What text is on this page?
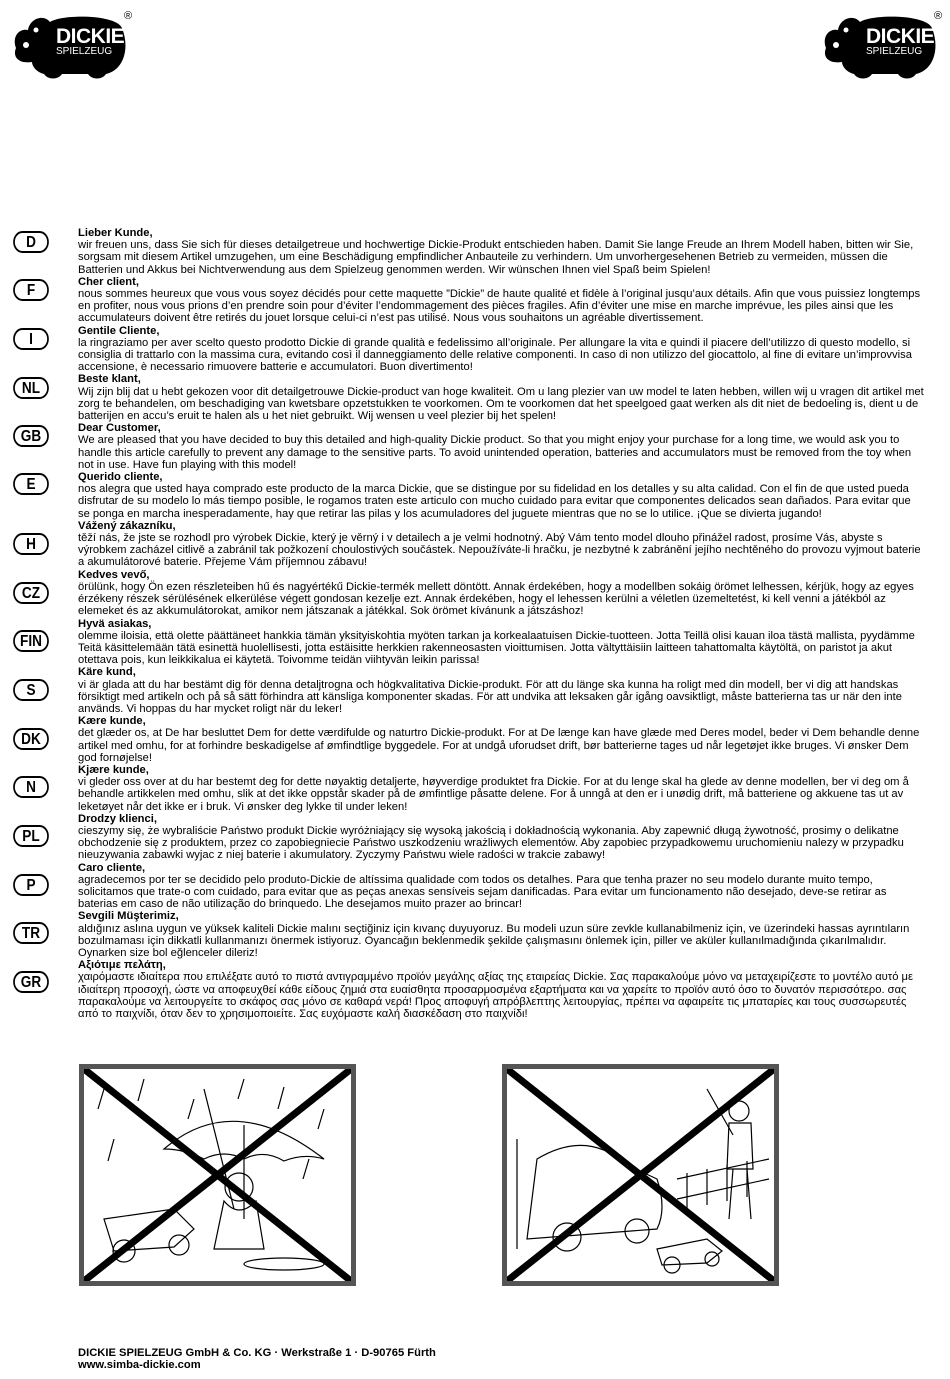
DICKIE
SPIELZEUG
®
DICKIE
SPIELZEUG
®
D
F
I
NL
GB
E
H
CZ
FIN
S
DK
N
PL
P
TR
GR
Lieber Kunde,
wir freuen uns, dass Sie sich für dieses detailgetreue und hochwertige Dickie-Produkt entschieden haben. Damit Sie lange Freude an Ihrem Modell haben, bitten wir Sie, sorgsam mit diesem Artikel umzugehen, um eine Beschädigung empfindlicher Anbauteile zu verhindern. Um unvorhergesehenen Betrieb zu vermeiden, müssen die Batterien und Akkus bei Nichtverwendung aus dem Spielzeug genommen werden. Wir wünschen Ihnen viel Spaß beim Spielen!
Cher client,
nous sommes heureux que vous vous soyez décidés pour cette maquette ”Dickie” de haute qualité et fidèle à l’original jusqu’aux détails. Afin que vous puissiez longtemps en profiter, nous vous prions d’en prendre soin pour d’éviter l’endommagement des pièces fragiles. Afin d’éviter une mise en marche imprévue, les piles ainsi que les accumulateurs doivent être retirés du jouet lorsque celui-ci n’est pas utilisé. Nous vous souhaitons un agréable divertissement.
Gentile Cliente,
la ringraziamo per aver scelto questo prodotto Dickie di grande qualità e fedelissimo all’originale. Per allungare la vita e quindi il piacere dell’utilizzo di questo modello, si consiglia di trattarlo con la massima cura, evitando così il danneggiamento delle relative componenti. In caso di non utilizzo del giocattolo, al fine di evitare un’improvvisa accensione, è necessario rimuovere batterie e accumulatori. Buon divertimento!
Beste klant,
Wij zijn blij dat u hebt gekozen voor dit detailgetrouwe Dickie-product van hoge kwaliteit. Om u lang plezier van uw model te laten hebben, willen wij u vragen dit artikel met zorg te behandelen, om beschadiging van kwetsbare opzetstukken te voorkomen. Om te voorkomen dat het speelgoed gaat werken als dit niet de bedoeling is, dient u de batterijen en accu’s eruit te halen als u het niet gebruikt. Wij wensen u veel plezier bij het spelen!
Dear Customer,
We are pleased that you have decided to buy this detailed and high-quality Dickie product. So that you might enjoy your purchase for a long time, we would ask you to handle this article carefully to prevent any damage to the sensitive parts. To avoid unintended operation, batteries and accumulators must be removed from the toy when not in use. Have fun playing with this model!
Querido cliente,
nos alegra que usted haya comprado este producto de la marca Dickie, que se distingue por su fidelidad en los detalles y su alta calidad. Con el fin de que usted pueda disfrutar de su modelo lo más tiempo posible, le rogamos traten este articulo con mucho cuidado para evitar que componentes delicados sean dañados. Para evitar que se ponga en marcha inesperadamente, hay que retirar las pilas y los acumuladores del juguete mientras que no se lo utilice. ¡Que se divierta jugando!
Vážený zákazníku,
těží nás, že jste se rozhodl pro výrobek Dickie, který je věrný i v detailech a je velmi hodnotný. Abý Vám tento model dlouho přinážel radost, prosíme Vás, abyste s výrobkem zacházel citlivě a zabránil tak požkození choulostivých součástek. Nepoužíváte-li hračku, je nezbytné k zabránění jejího nechtěného do provozu vyjmout baterie a akumulátorové baterie. Přejeme Vám příjemnou zábavu!
Kedves vevő,
örülünk, hogy Ön ezen részleteiben hű és nagyértékű Dickie-termék mellett döntött. Annak érdekében, hogy a modellben sokáig örömet lelhessen, kérjük, hogy az egyes érzékeny részek sérülésének elkerülése végett gondosan kezelje ezt. Annak érdekében, hogy el lehessen kerülni a véletlen üzemeltetést, ki kell venni a játékból az elemeket és az akkumulátorokat, amikor nem játszanak a játékkal. Sok örömet kívánunk a játszáshoz!
Hyvä asiakas,
olemme iloisia, että olette päättäneet hankkia tämän yksityiskohtia myöten tarkan ja korkealaatuisen Dickie-tuotteen. Jotta Teillä olisi kauan iloa tästä mallista, pyydämme Teitä käsittelemään tätä esinettä huolellisesti, jotta estäisitte herkkien rakenneosasten vioittumisen. Jotta vältyttäisiin laitteen tahattomalta käytöltä, on paristot ja akut otettava pois, kun leikkikalua ei käytetä. Toivomme teidän viihtyvän leikin parissa!
Käre kund,
vi är glada att du har bestämt dig för denna detaljtrogna och högkvalitativa Dickie-produkt. För att du länge ska kunna ha roligt med din modell, ber vi dig att handskas försiktigt med artikeln och på så sätt förhindra att känsliga komponenter skadas. För att undvika att leksaken går igång oavsiktligt, måste batterierna tas ur när den inte används. Vi hoppas du har mycket roligt när du leker!
Kære kunde,
det glæder os, at De har besluttet Dem for dette værdifulde og naturtro Dickie-produkt. For at De længe kan have glæde med Deres model, beder vi Dem behandle denne artikel med omhu, for at forhindre beskadigelse af ømfindtlige byggedele. For at undgå uforudset drift, bør batterierne tages ud når legetøjet ikke bruges. Vi ønsker Dem god fornøjelse!
Kjære kunde,
vi gleder oss over at du har bestemt deg for dette nøyaktig detaljerte, høyverdige produktet fra Dickie. For at du lenge skal ha glede av denne modellen, ber vi deg om å behandle artikkelen med omhu, slik at det ikke oppstår skader på de ømfintlige påsatte delene. For å unngå at den er i unødig drift, må batteriene og akkuene tas ut av leketøyet når det ikke er i bruk. Vi ønsker deg lykke til under leken!
Drodzy klienci,
cieszymy się, że wybraliście Państwo produkt Dickie wyróżniający się wysoką jakością i dokładnością wykonania. Aby zapewnić długą żywotność, prosimy o delikatne obchodzenie się z produktem, przez co zapobiegniecie Państwo uszkodzeniu wrażliwych elementów. Aby zapobiec przypadkowemu uruchomieniu nalezy w przypadku nieuzywania zabawki wyjac z niej baterie i akumulatory. Zyczymy Państwu wiele radości w trakcie zabawy!
Caro cliente,
agradecemos por ter se decidido pelo produto-Dickie de altíssima qualidade com todos os detalhes. Para que tenha prazer no seu modelo durante muito tempo, solicitamos que trate-o com cuidado, para evitar que as peças anexas sensíveis sejam danificadas. Para evitar um funcionamento não desejado, deve-se retirar as baterias em caso de não utilização do brinquedo. Lhe desejamos muito prazer ao brincar!
Sevgili Müşterimiz,
aldığınız aslına uygun ve yüksek kaliteli Dickie malını seçtiğiniz için kıvanç duyuyoruz. Bu modeli uzun süre zevkle kullanabilmeniz için, ve üzerindeki hassas ayrıntıların bozulmaması için dikkatli kullanmanızı önermek istiyoruz. Oyancağın beklenmedik şekilde çalışmasını önlemek için, piller ve aküler kullanılmadığında çıkarılmalıdır. Oynarken size bol eğlenceler dileriz!
Αξιότιμε πελάτη,
χαιρόμαστε ιδιαίτερα που επιλέξατε αυτό το πιστά αντιγραμμένο προϊόν μεγάλης αξίας της εταιρείας Dickie. Σας παρακαλούμε μόνο να μεταχειρίζεστε το μοντέλο αυτό με ιδιαίτερη προσοχή, ώστε να αποφευχθεί κάθε είδους ζημιά στα ευαίσθητα προσαρμοσμένα εξαρτήματα και να χαρείτε το προϊόν αυτό όσο το δυνατόν περισσότερο. σας παρακαλούμε να λειτουργείτε το σκάφος σας μόνο σε καθαρά νερά! Προς αποφυγή απρόβλεπτης λειτουργίας, πρέπει να αφαιρείτε τις μπαταρίες και τους συσσωρευτές από το παιχνίδι, όταν δεν το χρησιμοποιείτε. Σας ευχόμαστε καλή διασκέδαση στο παιχνίδι!
DICKIE SPIELZEUG GmbH & Co. KG · Werkstraße 1 · D-90765 Fürth
www.simba-dickie.com
